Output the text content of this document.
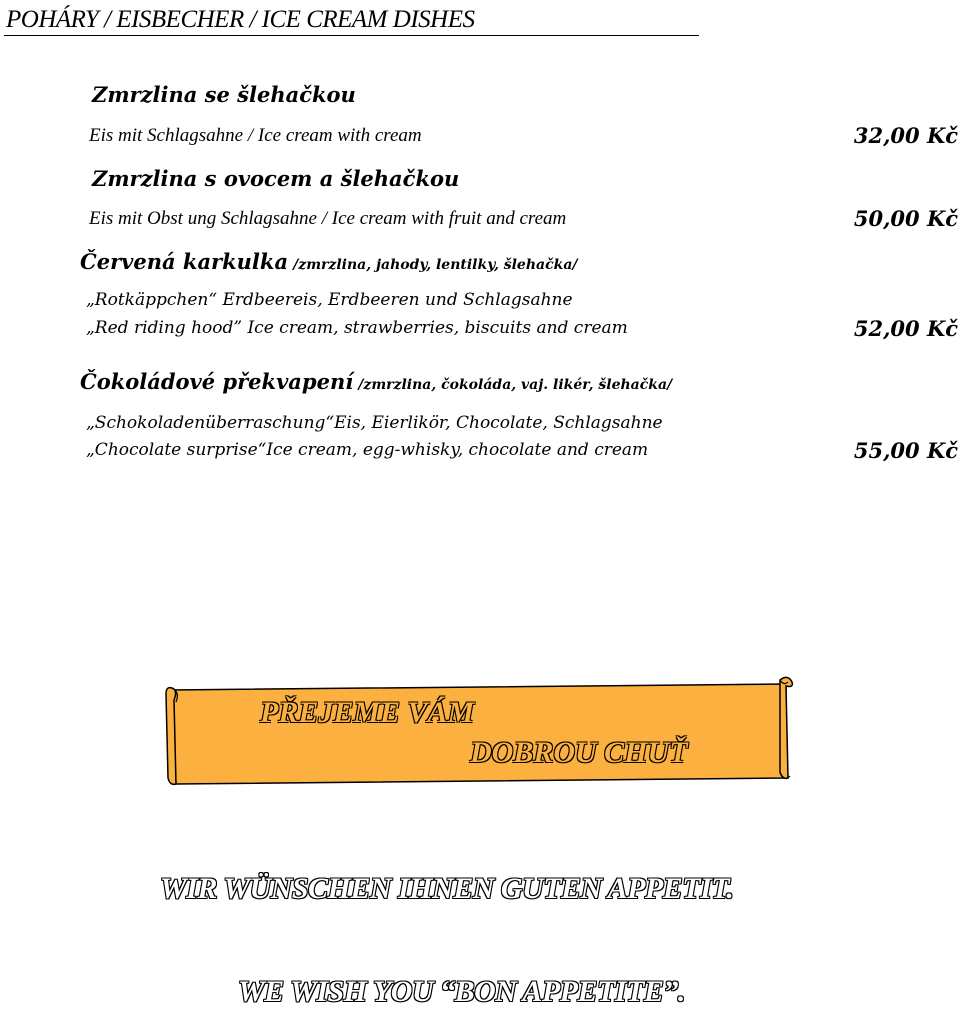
POHÁRY / EISBECHER / ICE CREAM DISHES
Zmrzlina se šlehačkou
Eis mit Schlagsahne / Ice cream with cream	32,00 Kč
Zmrzlina s ovocem a šlehačkou
Eis mit Obst ung Schlagsahne / Ice cream with fruit and cream	50,00 Kč
Červená karkulka /zmrzlina, jahody, lentilky, šlehačka/
„Rotkäppchen“ Erdbeereis, Erdbeeren und Schlagsahne
„Red riding hood” Ice cream, strawberries, biscuits and cream	52,00 Kč
Čokoládové překvapení /zmrzlina, čokoláda, vaj. likér, šlehačka/
„Schokoladenüberraschung“Eis, Eierlikör, Chocolate, Schlagsahne
„Chocolate surprise“Ice cream, egg-whisky, chocolate and cream	55,00 Kč
PŘEJEME VÁM
DOBROU CHUŤ
WIR WÜNSCHEN IHNEN GUTEN APPETIT.
WE WISH YOU “BON APPETITE”.
